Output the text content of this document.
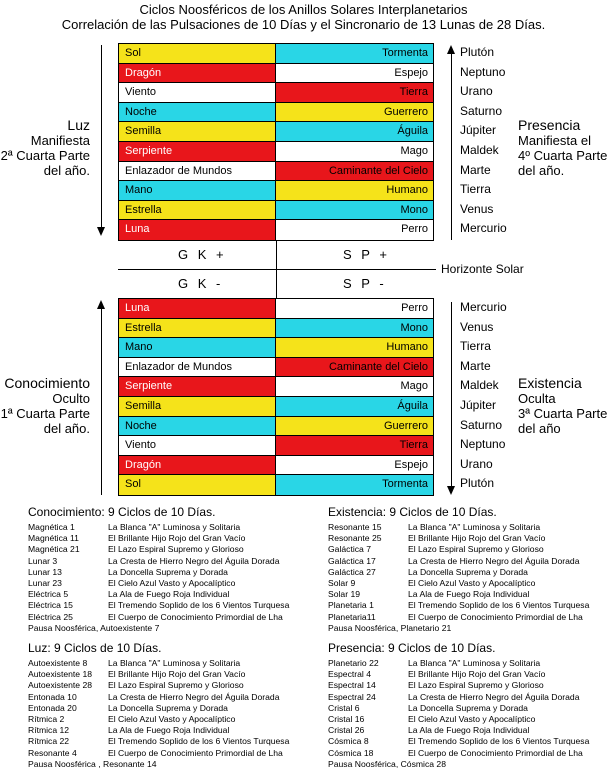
Ciclos Noosféricos de los Anillos Solares Interplanetarios
Correlación de las Pulsaciones de 10 Días y el Sincronario de 13 Lunas de 28 Días.
Sol	Tormenta
Dragón	Espejo
Viento	Tierra
Noche	Guerrero
Semilla	Águila
Serpiente	Mago
Enlazador de Mundos	Caminante del Cielo
Mano	Humano
Estrella	Mono
Luna	Perro
Plutón
Neptuno
Urano
Saturno
Júpiter
Maldek
Marte
Tierra
Venus
Mercurio
Luna	Perro
Estrella	Mono
Mano	Humano
Enlazador de Mundos	Caminante del Cielo
Serpiente	Mago
Semilla	Águila
Noche	Guerrero
Viento	Tierra
Dragón	Espejo
Sol	Tormenta
Mercurio
Venus
Tierra
Marte
Maldek
Júpiter
Saturno
Neptuno
Urano
Plutón
G K +	S P +
G K -	S P -
Horizonte Solar
Luz
Manifiesta
2ª Cuarta Parte
del año.
Presencia
Manifiesta el
4º Cuarta Parte
del año.
Conocimiento
Oculto
1ª Cuarta Parte
del año.
Existencia
Oculta
3ª Cuarta Parte
del año
Conocimiento: 9 Ciclos de 10 Días.
Magnética 1	La Blanca "A" Luminosa y Solitaria
Magnética 11	El Brillante Hijo Rojo del Gran Vacío
Magnética 21	El Lazo Espiral Supremo y Glorioso
Lunar 3	La Cresta de Hierro Negro del Águila Dorada
Lunar 13	La Doncella Suprema y Dorada
Lunar 23	El Cielo Azul Vasto y Apocalíptico
Eléctrica 5	La Ala de Fuego Roja Individual
Eléctrica 15	El Tremendo Soplido de los 6 Vientos Turquesa
Eléctrica 25	El Cuerpo de Conocimiento Primordial de Lha
Pausa Noosférica, Autoexistente 7
Existencia: 9 Ciclos de 10 Días.
Resonante 15	La Blanca "A" Luminosa y Solitaria
Resonante 25	El Brillante Hijo Rojo del Gran Vacío
Galáctica 7	El Lazo Espiral Supremo y Glorioso
Galáctica 17	La Cresta de Hierro Negro del Águila Dorada
Galáctica 27	La Doncella Suprema y Dorada
Solar 9	El Cielo Azul Vasto y Apocalíptico
Solar 19	La Ala de Fuego Roja Individual
Planetaria 1	El Tremendo Soplido de los 6 Vientos Turquesa
Planetaria11	El Cuerpo de Conocimiento Primordial de Lha
Pausa Noosférica, Planetario 21
Luz: 9 Ciclos de 10 Días.
Autoexistente 8	La Blanca "A" Luminosa y Solitaria
Autoexistente 18	El Brillante Hijo Rojo del Gran Vacío
Autoexistente 28	El Lazo Espiral Supremo y Glorioso
Entonada 10	La Cresta de Hierro Negro del Águila Dorada
Entonada 20	La Doncella Suprema y Dorada
Rítmica 2	El Cielo Azul Vasto y Apocalíptico
Rítmica 12	La Ala de Fuego Roja Individual
Rítmica 22	El Tremendo Soplido de los 6 Vientos Turquesa
Resonante 4	El Cuerpo de Conocimiento Primordial de Lha
Pausa Noosférica , Resonante 14
Presencia: 9 Ciclos de 10 Días.
Planetario 22	La Blanca "A" Luminosa y Solitaria
Espectral 4	El Brillante Hijo Rojo del Gran Vacío
Espectral 14	El Lazo Espiral Supremo y Glorioso
Espectral 24	La Cresta de Hierro Negro del Águila Dorada
Cristal 6	La Doncella Suprema y Dorada
Cristal 16	El Cielo Azul Vasto y Apocalíptico
Cristal 26	La Ala de Fuego Roja Individual
Cósmica 8	El Tremendo Soplido de los 6 Vientos Turquesa
Cósmica 18	El Cuerpo de Conocimiento Primordial de Lha
Pausa Noosférica, Cósmica 28
